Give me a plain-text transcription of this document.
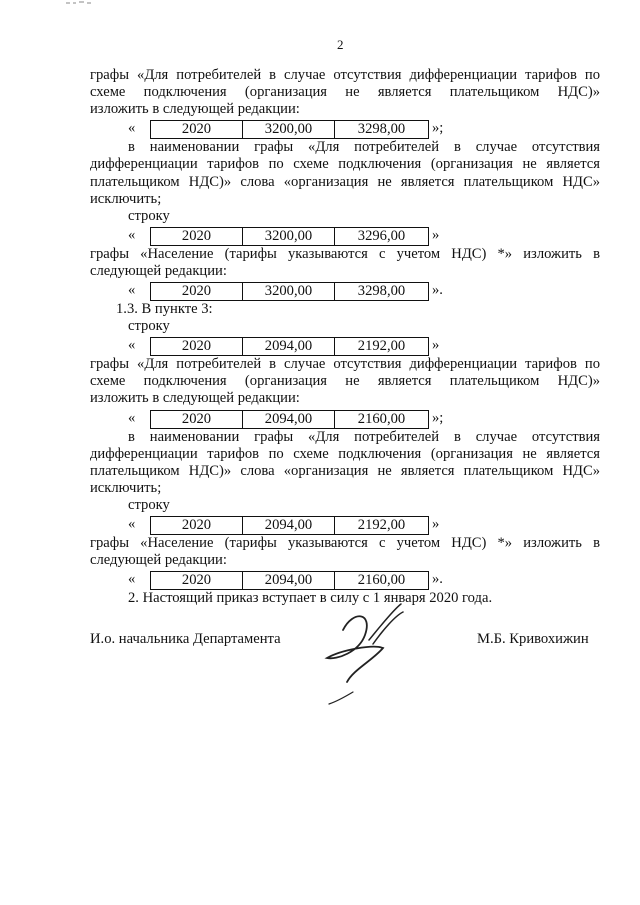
2
графы «Для потребителей в случае отсутствия дифференциации тарифов по
схеме подключения (организация не является плательщиком НДС)»
изложить в следующей редакции:
«	2020	3200,00	3298,00	»;
в наименовании графы «Для потребителей в случае отсутствия
дифференциации тарифов по схеме подключения (организация не является
плательщиком НДС)» слова «организация не является плательщиком НДС»
исключить;
строку
«	2020	3200,00	3296,00	»
графы «Население (тарифы указываются с учетом НДС) *» изложить в
следующей редакции:
«	2020	3200,00	3298,00	».
1.3. В пункте 3:
строку
«	2020	2094,00	2192,00	»
графы «Для потребителей в случае отсутствия дифференциации тарифов по
схеме подключения (организация не является плательщиком НДС)»
изложить в следующей редакции:
«	2020	2094,00	2160,00	»;
в наименовании графы «Для потребителей в случае отсутствия
дифференциации тарифов по схеме подключения (организация не является
плательщиком НДС)» слова «организация не является плательщиком НДС»
исключить;
строку
«	2020	2094,00	2192,00	»
графы «Население (тарифы указываются с учетом НДС) *» изложить в
следующей редакции:
«	2020	2094,00	2160,00	».
2. Настоящий приказ вступает в силу с 1 января 2020 года.
И.о. начальника Департамента	М.Б. Кривохижин
